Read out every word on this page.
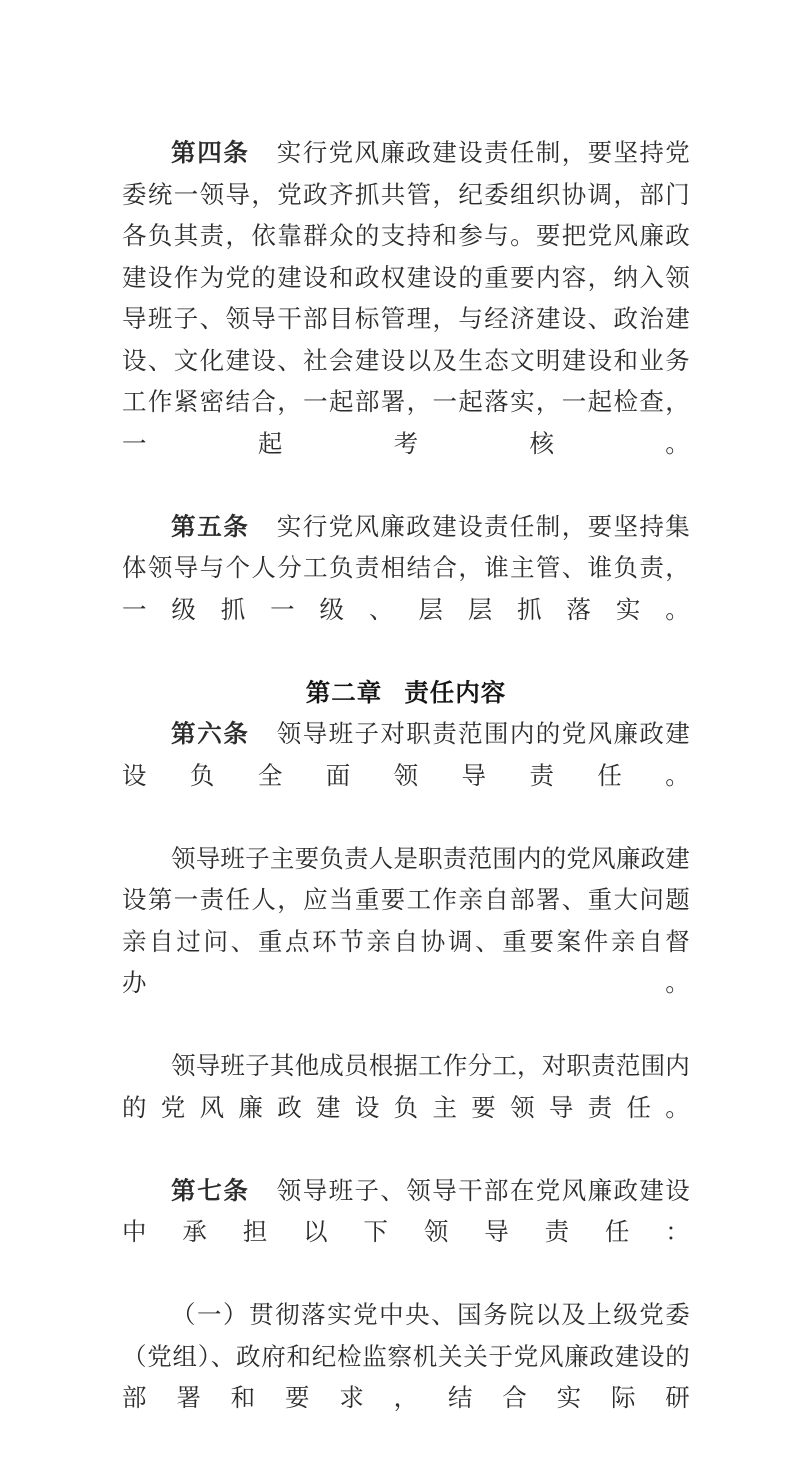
第四条 实行党风廉政建设责任制，要坚持党委统一领导，党政齐抓共管，纪委组织协调，部门各负其责，依靠群众的支持和参与。要把党风廉政建设作为党的建设和政权建设的重要内容，纳入领导班子、领导干部目标管理，与经济建设、政治建设、文化建设、社会建设以及生态文明建设和业务工作紧密结合，一起部署，一起落实，一起检查，一起考核。

第五条 实行党风廉政建设责任制，要坚持集体领导与个人分工负责相结合，谁主管、谁负责，一级抓一级、层层抓落实。

第二章 责任内容

第六条 领导班子对职责范围内的党风廉政建设负全面领导责任。

领导班子主要负责人是职责范围内的党风廉政建设第一责任人，应当重要工作亲自部署、重大问题亲自过问、重点环节亲自协调、重要案件亲自督办。

领导班子其他成员根据工作分工，对职责范围内的党风廉政建设负主要领导责任。

第七条 领导班子、领导干部在党风廉政建设中承担以下领导责任：

（一）贯彻落实党中央、国务院以及上级党委（党组）、政府和纪检监察机关关于党风廉政建设的部署和要求，结合实际研
